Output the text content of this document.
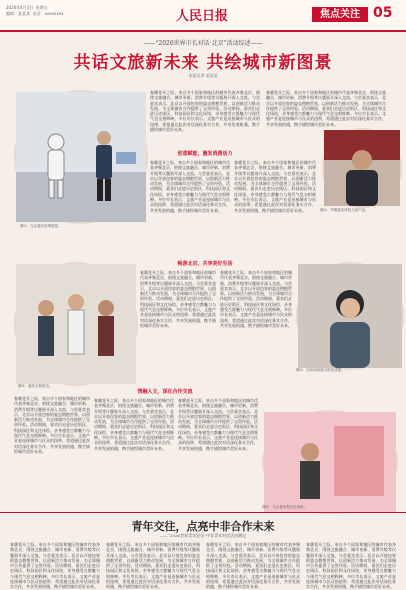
2026年4月3日  星期五
编辑：某某某  电话：xxxxxxxx	人民日报	焦点关注 05
——“2026世界市长对话·北京”活动综述——
共话文旅新未来 共绘城市新图景
本报记者 某某某
图①：与会嘉宾参观展览。
图②：外籍嘉宾体验文创产品。
图③：嘉宾合影留念。
图④：活动现场展示科技成果。
图⑤：与会者参观文化场馆。
创意赋能，激发消费活力
畅游北京，共享美好生活
情融人文，深化合作交流
春暖花开之际，来自多个国家和地区的城市代表齐聚北京，围绕文旅融合、城市更新、消费升级等议题展开深入交流。与会嘉宾表示，北京以开放包容的姿态拥抱世界，以创新活力推动发展，为全球城市合作提供了宝贵经验。活动期间，嘉宾们走进历史街区、科技园区和文化场馆，亲身感受古都魅力与现代气息交相辉映。多位市长表示，文旅产业是连接城市与民众的纽带，希望通过此次对话深化务实合作，共享发展机遇，携手描绘城市美好未来。
春暖花开之际，来自多个国家和地区的城市代表齐聚北京，围绕文旅融合、城市更新、消费升级等议题展开深入交流。与会嘉宾表示，北京以开放包容的姿态拥抱世界，以创新活力推动发展，为全球城市合作提供了宝贵经验。活动期间，嘉宾们走进历史街区、科技园区和文化场馆，亲身感受古都魅力与现代气息交相辉映。多位市长表示，文旅产业是连接城市与民众的纽带，希望通过此次对话深化务实合作，共享发展机遇，携手描绘城市美好未来。
春暖花开之际，来自多个国家和地区的城市代表齐聚北京，围绕文旅融合、城市更新、消费升级等议题展开深入交流。与会嘉宾表示，北京以开放包容的姿态拥抱世界，以创新活力推动发展，为全球城市合作提供了宝贵经验。活动期间，嘉宾们走进历史街区、科技园区和文化场馆，亲身感受古都魅力与现代气息交相辉映。多位市长表示，文旅产业是连接城市与民众的纽带，希望通过此次对话深化务实合作，共享发展机遇，携手描绘城市美好未来。
春暖花开之际，来自多个国家和地区的城市代表齐聚北京，围绕文旅融合、城市更新、消费升级等议题展开深入交流。与会嘉宾表示，北京以开放包容的姿态拥抱世界，以创新活力推动发展，为全球城市合作提供了宝贵经验。活动期间，嘉宾们走进历史街区、科技园区和文化场馆，亲身感受古都魅力与现代气息交相辉映。多位市长表示，文旅产业是连接城市与民众的纽带，希望通过此次对话深化务实合作，共享发展机遇，携手描绘城市美好未来。
春暖花开之际，来自多个国家和地区的城市代表齐聚北京，围绕文旅融合、城市更新、消费升级等议题展开深入交流。与会嘉宾表示，北京以开放包容的姿态拥抱世界，以创新活力推动发展，为全球城市合作提供了宝贵经验。活动期间，嘉宾们走进历史街区、科技园区和文化场馆，亲身感受古都魅力与现代气息交相辉映。多位市长表示，文旅产业是连接城市与民众的纽带，希望通过此次对话深化务实合作，共享发展机遇，携手描绘城市美好未来。
春暖花开之际，来自多个国家和地区的城市代表齐聚北京，围绕文旅融合、城市更新、消费升级等议题展开深入交流。与会嘉宾表示，北京以开放包容的姿态拥抱世界，以创新活力推动发展，为全球城市合作提供了宝贵经验。活动期间，嘉宾们走进历史街区、科技园区和文化场馆，亲身感受古都魅力与现代气息交相辉映。多位市长表示，文旅产业是连接城市与民众的纽带，希望通过此次对话深化务实合作，共享发展机遇，携手描绘城市美好未来。
春暖花开之际，来自多个国家和地区的城市代表齐聚北京，围绕文旅融合、城市更新、消费升级等议题展开深入交流。与会嘉宾表示，北京以开放包容的姿态拥抱世界，以创新活力推动发展，为全球城市合作提供了宝贵经验。活动期间，嘉宾们走进历史街区、科技园区和文化场馆，亲身感受古都魅力与现代气息交相辉映。多位市长表示，文旅产业是连接城市与民众的纽带，希望通过此次对话深化务实合作，共享发展机遇，携手描绘城市美好未来。
春暖花开之际，来自多个国家和地区的城市代表齐聚北京，围绕文旅融合、城市更新、消费升级等议题展开深入交流。与会嘉宾表示，北京以开放包容的姿态拥抱世界，以创新活力推动发展，为全球城市合作提供了宝贵经验。活动期间，嘉宾们走进历史街区、科技园区和文化场馆，亲身感受古都魅力与现代气息交相辉映。多位市长表示，文旅产业是连接城市与民众的纽带，希望通过此次对话深化务实合作，共享发展机遇，携手描绘城市美好未来。
春暖花开之际，来自多个国家和地区的城市代表齐聚北京，围绕文旅融合、城市更新、消费升级等议题展开深入交流。与会嘉宾表示，北京以开放包容的姿态拥抱世界，以创新活力推动发展，为全球城市合作提供了宝贵经验。活动期间，嘉宾们走进历史街区、科技园区和文化场馆，亲身感受古都魅力与现代气息交相辉映。多位市长表示，文旅产业是连接城市与民众的纽带，希望通过此次对话深化务实合作，共享发展机遇，携手描绘城市美好未来。
青年交往，点亮中非合作未来
——“2026世界青年论坛”中非青年对话活动侧记
春暖花开之际，来自多个国家和地区的城市代表齐聚北京，围绕文旅融合、城市更新、消费升级等议题展开深入交流。与会嘉宾表示，北京以开放包容的姿态拥抱世界，以创新活力推动发展，为全球城市合作提供了宝贵经验。活动期间，嘉宾们走进历史街区、科技园区和文化场馆，亲身感受古都魅力与现代气息交相辉映。多位市长表示，文旅产业是连接城市与民众的纽带，希望通过此次对话深化务实合作，共享发展机遇，携手描绘城市美好未来。
春暖花开之际，来自多个国家和地区的城市代表齐聚北京，围绕文旅融合、城市更新、消费升级等议题展开深入交流。与会嘉宾表示，北京以开放包容的姿态拥抱世界，以创新活力推动发展，为全球城市合作提供了宝贵经验。活动期间，嘉宾们走进历史街区、科技园区和文化场馆，亲身感受古都魅力与现代气息交相辉映。多位市长表示，文旅产业是连接城市与民众的纽带，希望通过此次对话深化务实合作，共享发展机遇，携手描绘城市美好未来。
春暖花开之际，来自多个国家和地区的城市代表齐聚北京，围绕文旅融合、城市更新、消费升级等议题展开深入交流。与会嘉宾表示，北京以开放包容的姿态拥抱世界，以创新活力推动发展，为全球城市合作提供了宝贵经验。活动期间，嘉宾们走进历史街区、科技园区和文化场馆，亲身感受古都魅力与现代气息交相辉映。多位市长表示，文旅产业是连接城市与民众的纽带，希望通过此次对话深化务实合作，共享发展机遇，携手描绘城市美好未来。
春暖花开之际，来自多个国家和地区的城市代表齐聚北京，围绕文旅融合、城市更新、消费升级等议题展开深入交流。与会嘉宾表示，北京以开放包容的姿态拥抱世界，以创新活力推动发展，为全球城市合作提供了宝贵经验。活动期间，嘉宾们走进历史街区、科技园区和文化场馆，亲身感受古都魅力与现代气息交相辉映。多位市长表示，文旅产业是连接城市与民众的纽带，希望通过此次对话深化务实合作，共享发展机遇，携手描绘城市美好未来。
